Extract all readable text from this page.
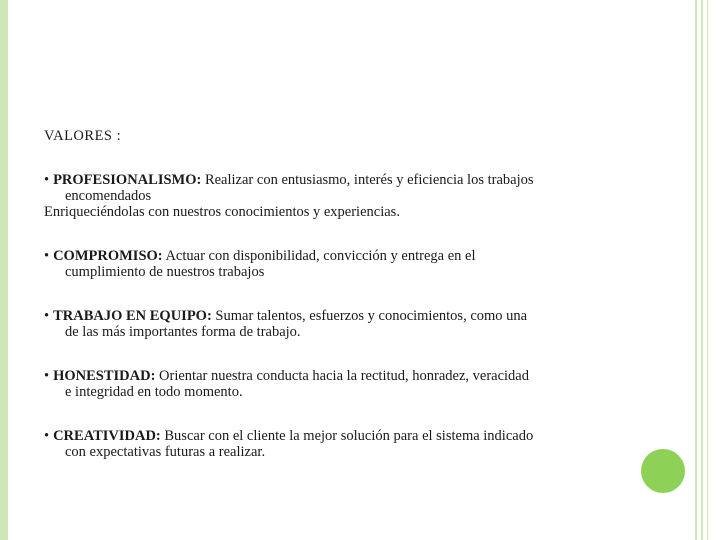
VALORES :
• PROFESIONALISMO: Realizar con entusiasmo, interés y eficiencia los trabajos
encomendados
Enriqueciéndolas con nuestros conocimientos y experiencias.
• COMPROMISO: Actuar con disponibilidad, convicción y entrega en el
cumplimiento de nuestros trabajos
• TRABAJO EN EQUIPO: Sumar talentos, esfuerzos y conocimientos, como una
de las más importantes forma de trabajo.
• HONESTIDAD: Orientar nuestra conducta hacia la rectitud, honradez, veracidad
e integridad en todo momento.
• CREATIVIDAD: Buscar con el cliente la mejor solución para el sistema indicado
con expectativas futuras a realizar.
